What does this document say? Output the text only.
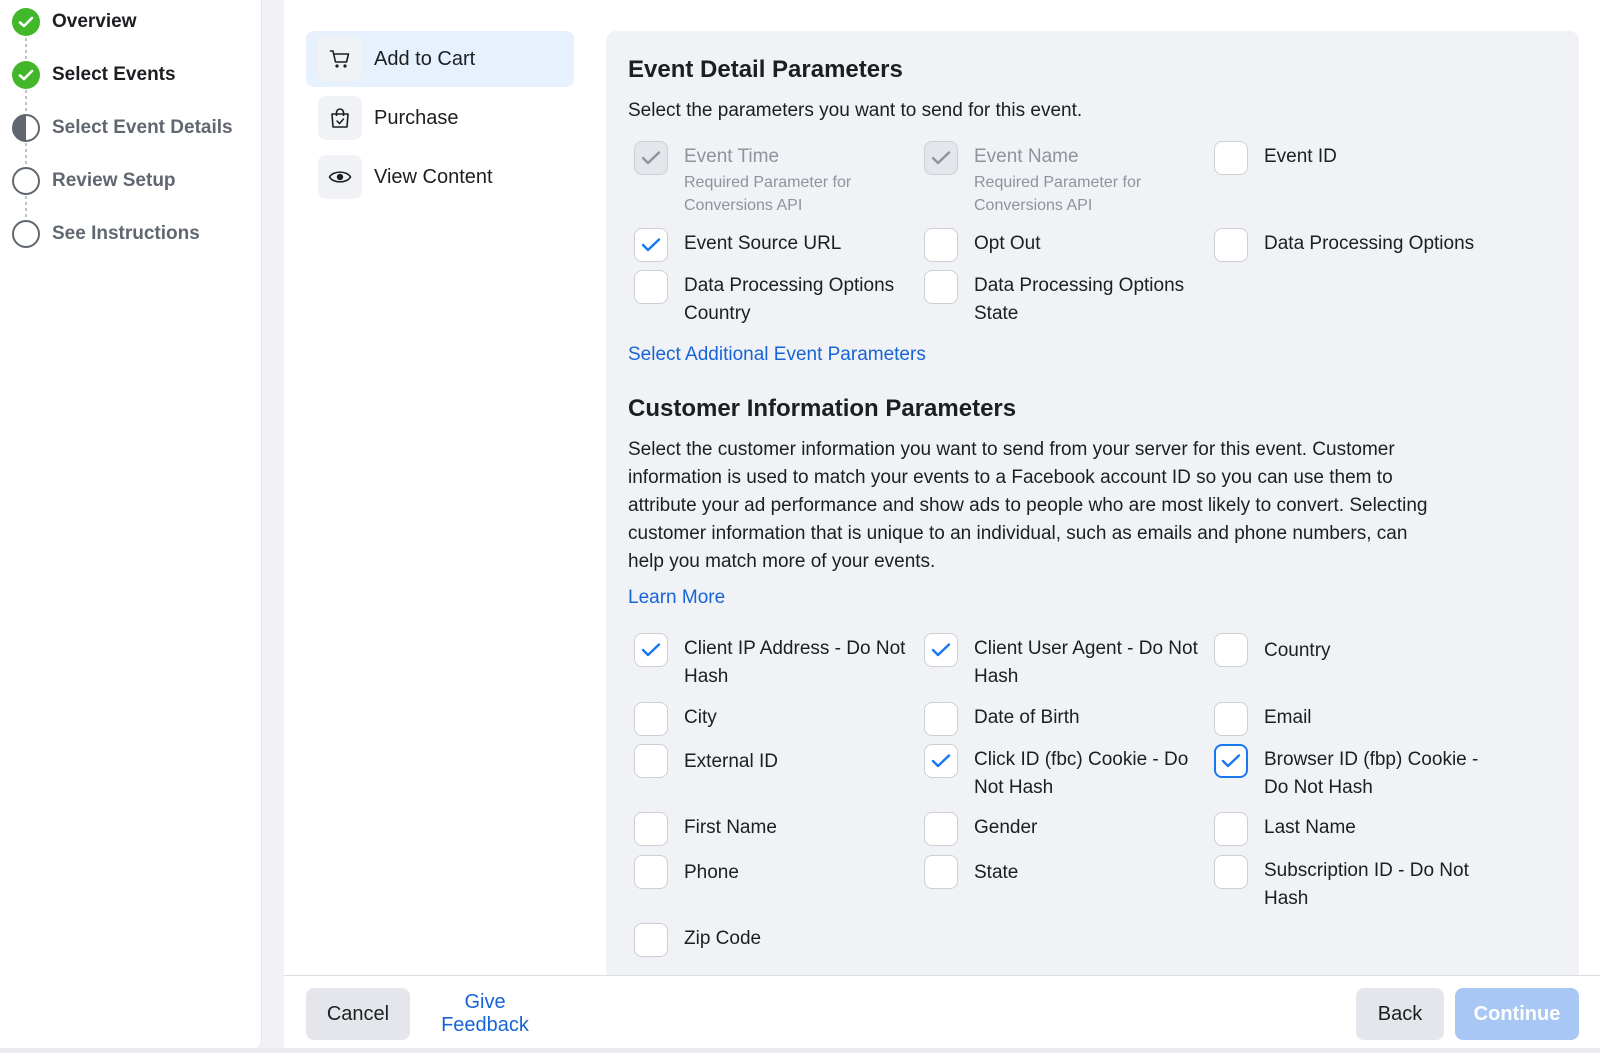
Overview
Select Events
Select Event Details
Review Setup
See Instructions
Add to Cart
Purchase
View Content
Event Detail Parameters
Select the parameters you want to send for this event.
Event Time
Required Parameter for Conversions API
Event Name
Required Parameter for Conversions API
Event ID
Event Source URL	Opt Out	Data Processing Options
Data Processing Options Country
Data Processing Options State
Select Additional Event Parameters
Customer Information Parameters
Select the customer information you want to send from your server for this event. Customer information is used to match your events to a Facebook account ID so you can use them to attribute your ad performance and show ads to people who are most likely to convert. Selecting customer information that is unique to an individual, such as emails and phone numbers, can help you match more of your events.
Learn More
Client IP Address - Do Not Hash
Client User Agent - Do Not Hash
Country
City	Date of Birth	Email
External ID	Click ID (fbc) Cookie - Do Not Hash
Browser ID (fbp) Cookie - Do Not Hash
First Name	Gender	Last Name
Phone	State	Subscription ID - Do Not Hash
Zip Code
Cancel
Give Feedback
Back	Continue
